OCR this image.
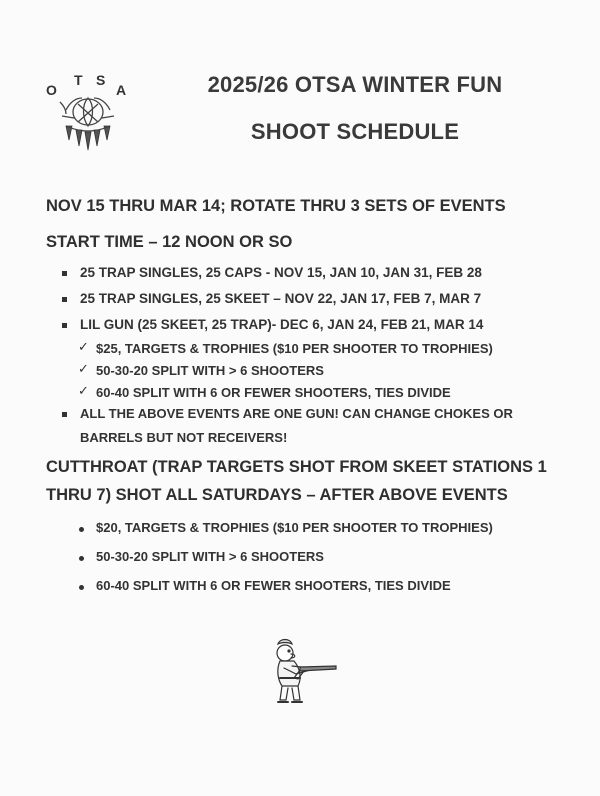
O
T S
A	2025/26 OTSA WINTER FUN
SHOOT SCHEDULE
NOV 15 THRU MAR 14; ROTATE THRU 3 SETS OF EVENTS
START TIME – 12 NOON OR SO
25 TRAP SINGLES, 25 CAPS - NOV 15, JAN 10, JAN 31, FEB 28
25 TRAP SINGLES, 25 SKEET – NOV 22, JAN 17, FEB 7, MAR 7
LIL GUN (25 SKEET, 25 TRAP)- DEC 6, JAN 24, FEB 21, MAR 14
✓ $25, TARGETS & TROPHIES ($10 PER SHOOTER TO TROPHIES)
✓ 50-30-20 SPLIT WITH > 6 SHOOTERS
✓ 60-40 SPLIT WITH 6 OR FEWER SHOOTERS, TIES DIVIDE
ALL THE ABOVE EVENTS ARE ONE GUN! CAN CHANGE CHOKES OR
BARRELS BUT NOT RECEIVERS!
CUTTHROAT (TRAP TARGETS SHOT FROM SKEET STATIONS 1
THRU 7) SHOT ALL SATURDAYS – AFTER ABOVE EVENTS
$20, TARGETS & TROPHIES ($10 PER SHOOTER TO TROPHIES)
50-30-20 SPLIT WITH > 6 SHOOTERS
60-40 SPLIT WITH 6 OR FEWER SHOOTERS, TIES DIVIDE
